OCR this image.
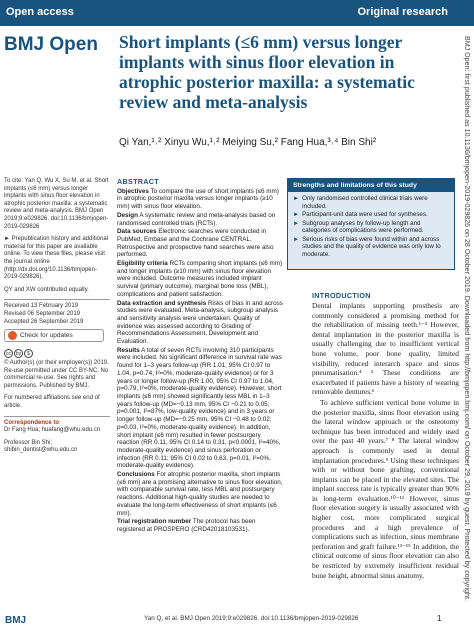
Open access	Original research
BMJ Open Short implants (≤6 mm) versus longer implants with sinus floor elevation in atrophic posterior maxilla: a systematic review and meta-analysis
Qi Yan,¹˒² Xinyu Wu,¹˒² Meiying Su,² Fang Hua,³˒⁴ Bin Shi²	BMJ Open: first published as 10.1136/bmjopen-2019-029826 on 28 October 2019. Downloaded from http://bmjopen.bmj.com/ on October 29, 2019 by guest. Protected by copyright.

To cite: Yan Q, Wu X, Su M, et al. Short implants (≤6 mm) versus longer implants with sinus floor elevation in atrophic posterior maxilla: a systematic review and meta-analysis. BMJ Open 2019;9:e029826. doi:10.1136/bmjopen-2019-029826

► Prepublication history and additional material for this paper are available online. To view these files, please visit the journal online (http://dx.doi.org/10.1136/bmjopen-2019-029826).

QY and XW contributed equally.

Received 13 February 2019
Revised 06 September 2019
Accepted 26 September 2019
Check for updates
cc by	$

© Author(s) (or their employer(s)) 2019. Re-use permitted under CC BY-NC. No commercial re-use. See rights and permissions. Published by BMJ.

For numbered affiliations see end of article.

Correspondence to

Dr Fang Hua; huafang@whu.edu.cn

Professor Bin Shi; shibin_dentist@whu.edu.cn

ABSTRACT

Objectives To compare the use of short implants (≤6 mm) in atrophic posterior maxilla versus longer implants (≥10 mm) with sinus floor elevation.

Design A systematic review and meta-analysis based on randomised controlled trials (RCTs).

Data sources Electronic searches were conducted in PubMed, Embase and the Cochrane CENTRAL. Retrospective and prospective hand searches were also performed.

Eligibility criteria RCTs comparing short implants (≤6 mm) and longer implants (≥10 mm) with sinus floor elevation were included. Outcome measures included implant survival (primary outcome), marginal bone loss (MBL), complications and patient satisfaction.

Data extraction and synthesis Risks of bias in and across studies were evaluated. Meta-analysis, subgroup analysis and sensitivity analysis were undertaken. Quality of evidence was assessed according to Grading of Recommendations Assessment, Development and Evaluation.

Results A total of seven RCTs involving 310 participants were included. No significant difference in survival rate was found for 1–3 years follow-up (RR 1.01, 95% CI 0.97 to 1.04, p=0.74, I²=0%, moderate-quality evidence) or for 3 years or longer follow-up (RR 1.00, 95% CI 0.97 to 1.04, p=0.79, I²=0%, moderate-quality evidence). However, short implants (≤6 mm) showed significantly less MBL in 1–3 years follow-up (MD=−0.13 mm, 95% CI −0.21 to 0.05; p=0.001, I²=87%, low-quality evidence) and in 3 years or longer follow-up (MD=−0.25 mm, 95% CI −0.48 to 0.02; p=0.03, I²=0%, moderate-quality evidence). In addition, short implant (≤6 mm) resulted in fewer postsurgery reaction (RR 0.11, 95% CI 0.14 to 0.31, p<0.0001, I²=40%, moderate-quality evidence) and sinus perforation or infection (RR 0.11; 95% CI 0.02 to 0.63, p=0.01, I²=0%, moderate-quality evidence).

Conclusions For atrophic posterior maxilla, short implants (≤6 mm) are a promising alternative to sinus floor elevation, with comparable survival rate, less MBL and postsurgery reactions. Additional high-quality studies are needed to evaluate the long-term effectiveness of short implants (≤6 mm).

Trial registration number The protocol has been registered at PROSPERO (CRD42018103531).

Strengths and limitations of this study
► Only randomised controlled clinical trials were included.
► Participant-unit data were used for syntheses.
► Subgroup analyses by follow-up length and categories of complications were performed.
► Serious risks of bias were found within and across studies and the quality of evidence was only low to moderate.
INTRODUCTION

Dental implants supporting prosthesis are commonly considered a promising method for the rehabilitation of missing teeth.¹⁻³ However, dental implantation in the posterior maxilla is usually challenging due to insufficient vertical bone volume, poor bone quality, limited visibility, reduced interarch space and sinus pneumatisation.⁴ ⁵ These conditions are exacerbated if patients have a history of wearing removable dentures.⁶

To achieve sufficient vertical bone volume in the posterior maxilla, sinus floor elevation using the lateral window approach or the osteotomy technique has been introduced and widely used over the past 40 years.⁷ ⁸ The lateral window approach is commonly used in dental implantation procedures.⁹ Using these techniques with or without bone grafting, conventional implants can be placed in the elevated sites. The implant success rate is typically greater than 90% in long-term evaluation.¹⁰⁻¹² However, sinus floor elevation surgery is usually associated with higher cost, more complicated surgical procedures and a high prevalence of complications such as infection, sinus membrane perforation and graft failure.¹³⁻¹⁵ In addition, the clinical outcome of sinus floor elevation can also be restricted by extremely insufficient residual bone height, abnormal sinus anatomy,

BMJ	Yan Q, et al. BMJ Open 2019;9:e029826. doi:10.1136/bmjopen-2019-029826	1
